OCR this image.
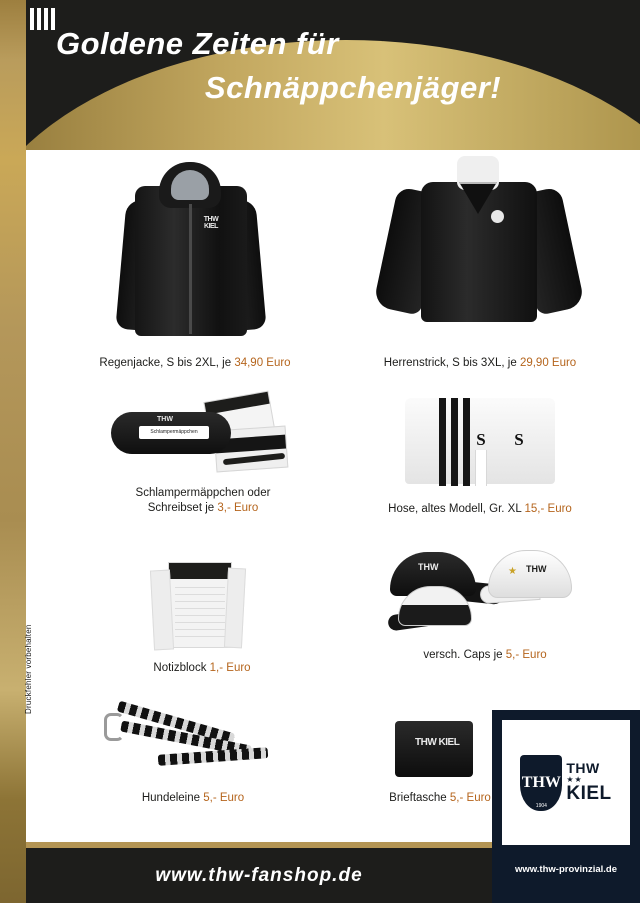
Goldene Zeiten für
Schnäppchenjäger!
Druckfehler vorbehalten
THW KIEL
Regenjacke, S bis 2XL, je 34,90 Euro	Herrenstrick, S bis 3XL, je 29,90 Euro
THW
Schlampermäppchen
Schlampermäppchen oder
Schreibset je 3,- Euro
S	S
Hose, altes Modell, Gr. XL 15,- Euro
Notizblock 1,- Euro
THW	★ THW
versch. Caps je 5,- Euro
Hundeleine 5,- Euro
THW KIEL
Brieftasche 5,- Euro
THW
1904
THW
★★
KIEL
www.thw-provinzial.de
www.thw-fanshop.de
